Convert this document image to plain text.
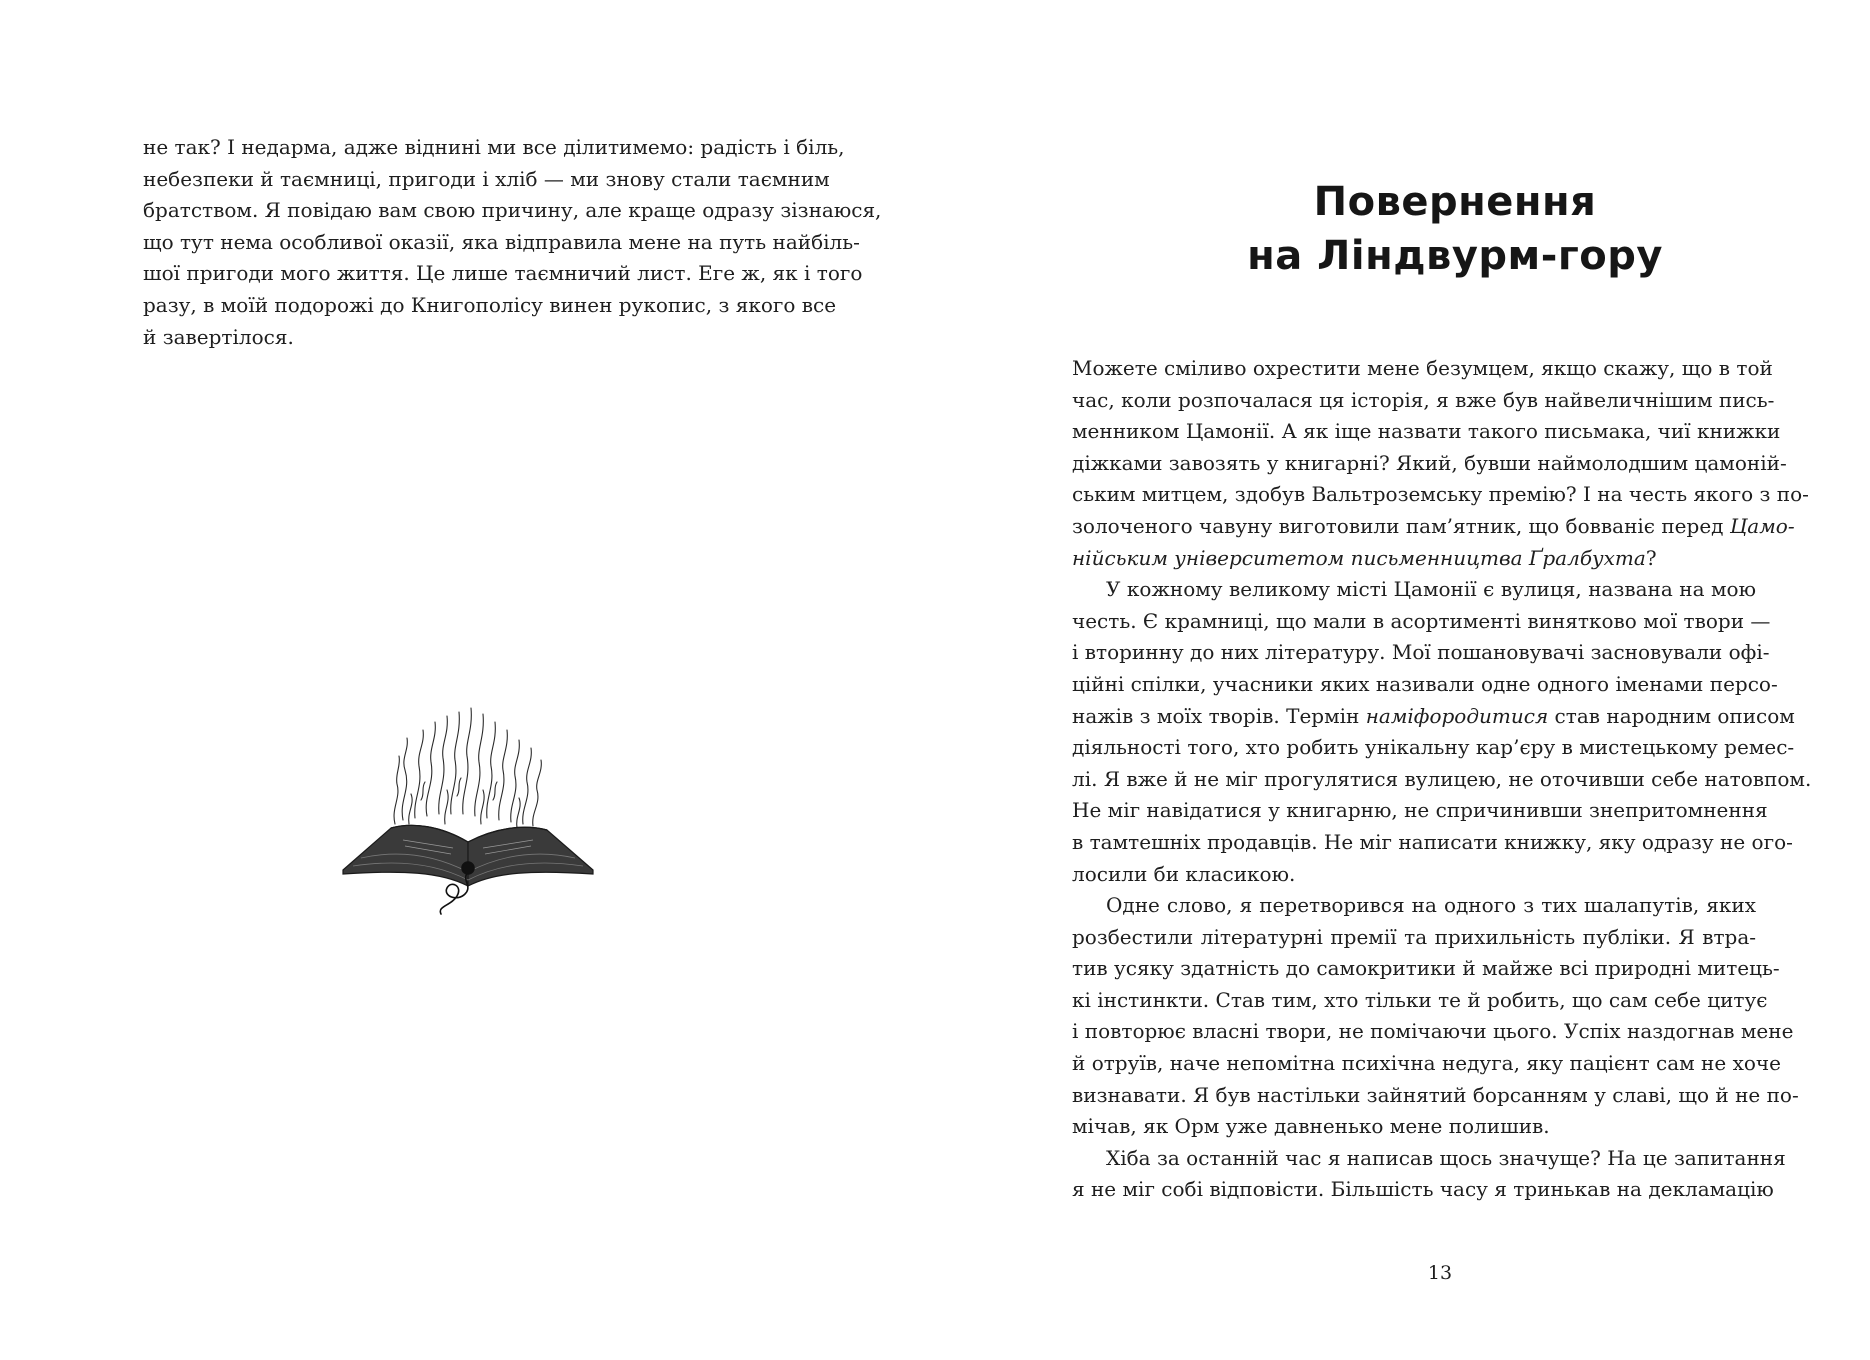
не так? І недарма, адже віднині ми все ділитимемо: радість і біль,
небезпеки й таємниці, пригоди і хліб — ми знову стали таємним
братством. Я повідаю вам свою причину, але краще одразу зізнаюся,
що тут нема особливої оказії, яка відправила мене на путь найбіль-
шої пригоди мого життя. Це лише таємничий лист. Еге ж, як і того
разу, в моїй подорожі до Книгополісу винен рукопис, з якого все
й завертілося.
Повернення
на Ліндвурм-гору
Можете сміливо охрестити мене безумцем, якщо скажу, що в той
час, коли розпочалася ця історія, я вже був найвеличнішим пись-
менником Цамонії. А як іще назвати такого письмака, чиї книжки
діжками завозять у книгарні? Який, бувши наймолодшим цамоній-
ським митцем, здобув Вальтроземську премію? І на честь якого з по-
золоченого чавуну виготовили пам’ятник, що бовваніє перед Цамо-
нійським університетом письменництва Ґралбухта?
У кожному великому місті Цамонії є вулиця, названа на мою
честь. Є крамниці, що мали в асортименті винятково мої твори —
і вторинну до них літературу. Мої пошановувачі засновували офі-
ційні спілки, учасники яких називали одне одного іменами персо-
нажів з моїх творів. Термін наміфородитися став народним описом
діяльності того, хто робить унікальну кар’єру в мистецькому ремес-
лі. Я вже й не міг прогулятися вулицею, не оточивши себе натовпом.
Не міг навідатися у книгарню, не спричинивши знепритомнення
в тамтешніх продавців. Не міг написати книжку, яку одразу не ого-
лосили би класикою.
Одне слово, я перетворився на одного з тих шалапутів, яких
розбестили літературні премії та прихильність публіки. Я втра-
тив усяку здатність до самокритики й майже всі природні митець-
кі інстинкти. Став тим, хто тільки те й робить, що сам себе цитує
і повторює власні твори, не помічаючи цього. Успіх наздогнав мене
й отруїв, наче непомітна психічна недуга, яку пацієнт сам не хоче
визнавати. Я був настільки зайнятий борсанням у славі, що й не по-
мічав, як Орм уже давненько мене полишив.
Хіба за останній час я написав щось значуще? На це запитання
я не міг собі відповісти. Більшість часу я тринькав на декламацію
13
